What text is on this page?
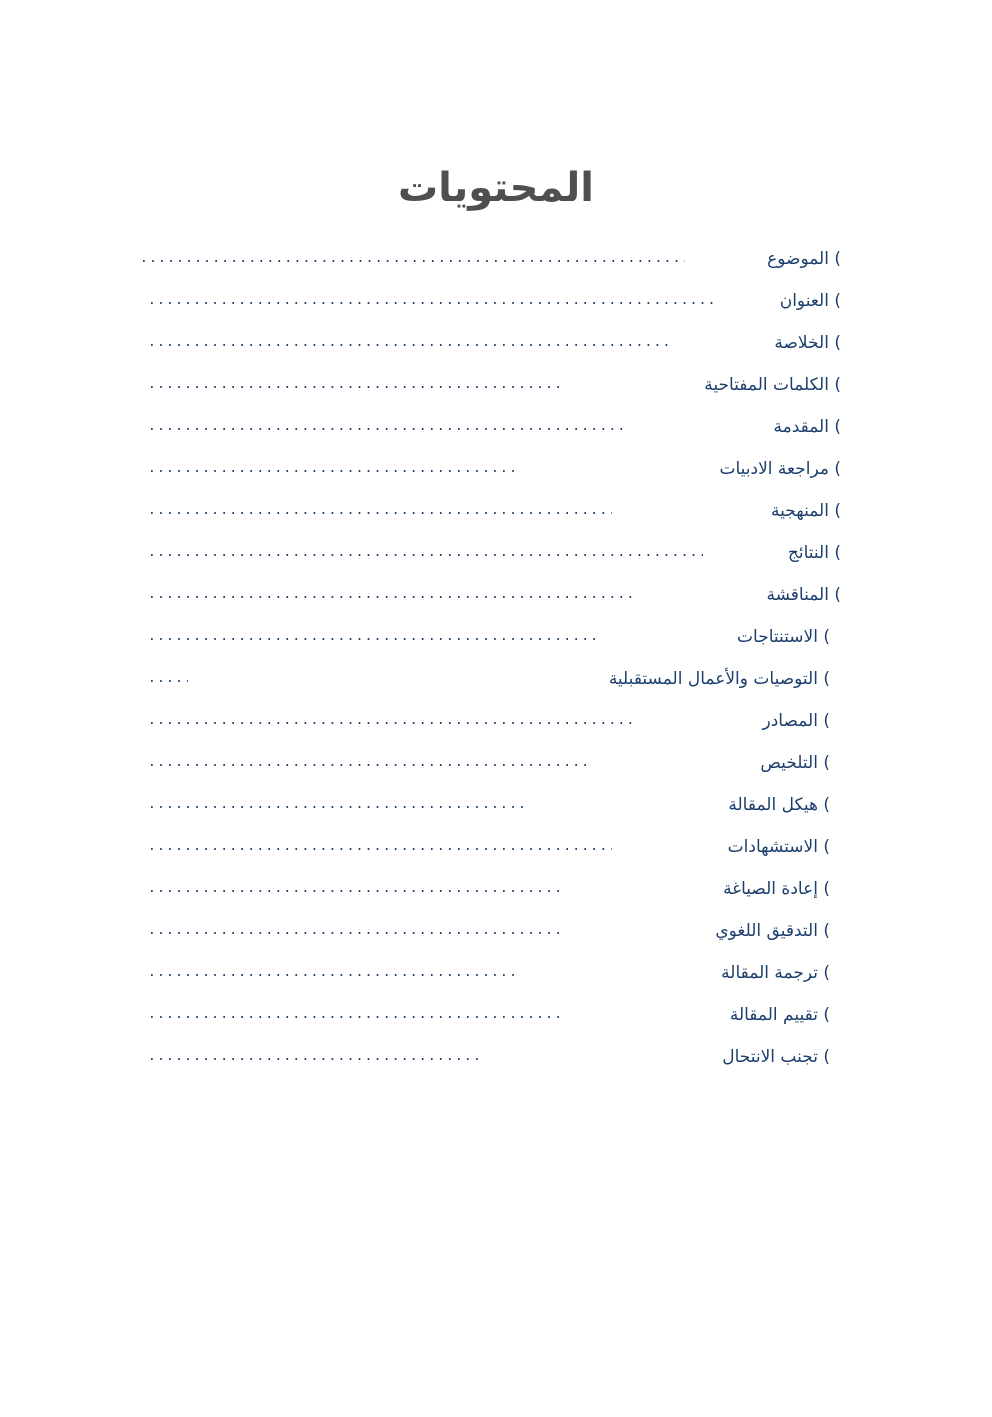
المحتويات
) الموضوع
.....
) العنوان
.....
) الخلاصة
.....
) الكلمات المفتاحية
.....
) المقدمة
.....
) مراجعة الادبيات
.....
) المنهجية
.....
) النتائج
.....
) المناقشة
.....
) الاستنتاجات
.....
) التوصيات والأعمال المستقبلية
.....
) المصادر
.....
) التلخيص
.....
) هيكل المقالة
.....
) الاستشهادات
.....
) إعادة الصياغة
.....
) التدقيق اللغوي
.....
) ترجمة المقالة
.....
) تقييم المقالة
.....
) تجنب الانتحال
.....
